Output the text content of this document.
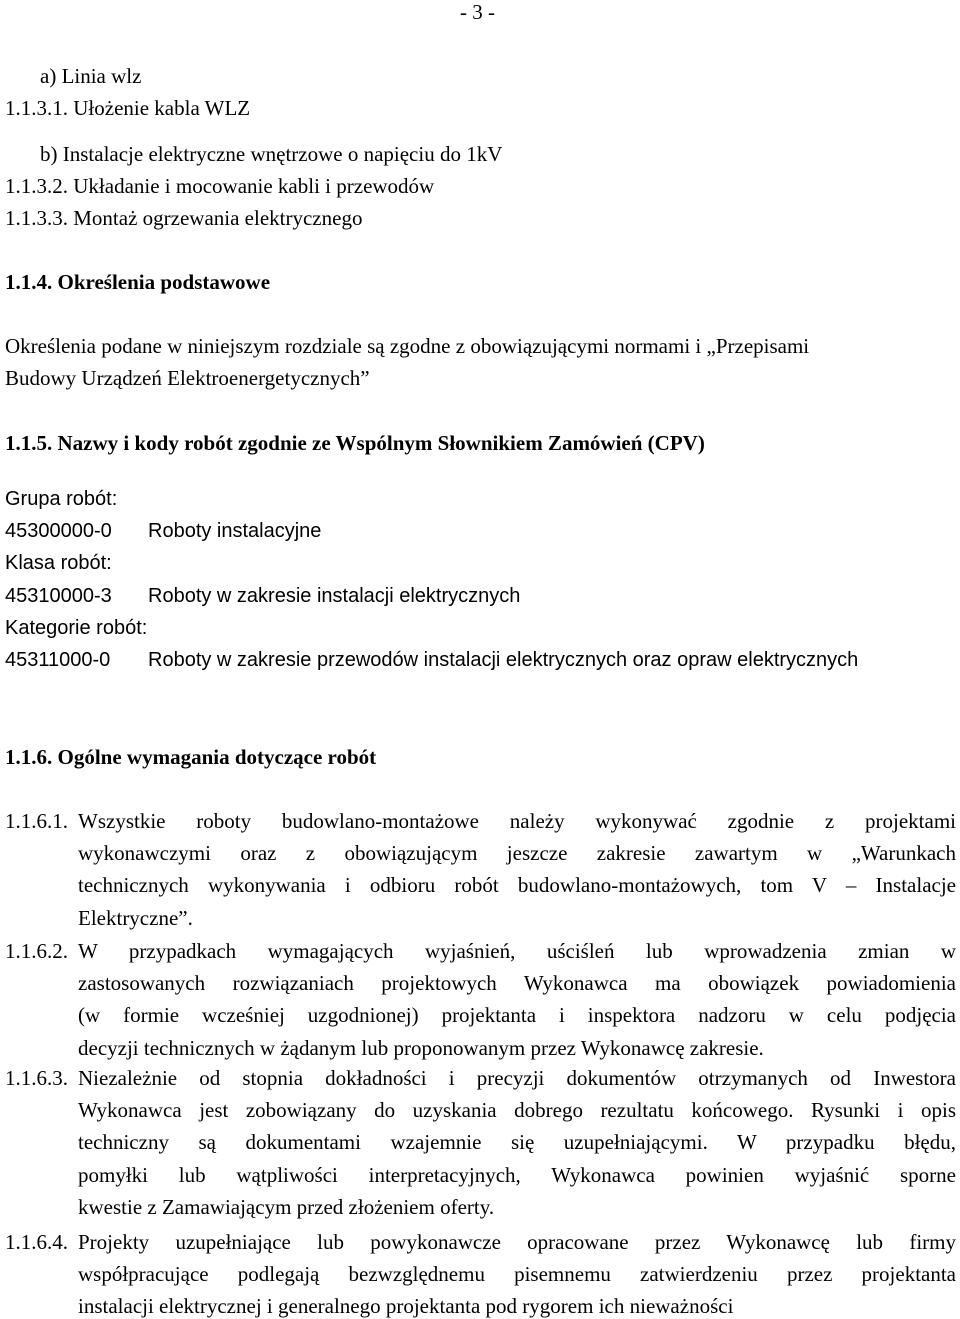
- 3 -
a) Linia wlz
1.1.3.1. Ułożenie kabla WLZ
b) Instalacje elektryczne wnętrzowe o napięciu do 1kV
1.1.3.2. Układanie i mocowanie kabli i przewodów
1.1.3.3. Montaż ogrzewania elektrycznego
1.1.4. Określenia podstawowe
Określenia podane w niniejszym rozdziale są zgodne z obowiązującymi normami i „Przepisami
Budowy Urządzeń Elektroenergetycznych”
1.1.5. Nazwy i kody robót zgodnie ze Wspólnym Słownikiem Zamówień (CPV)
Grupa robót:
45300000-0 Roboty instalacyjne
Klasa robót:
45310000-3 Roboty w zakresie instalacji elektrycznych
Kategorie robót:
45311000-0 Roboty w zakresie przewodów instalacji elektrycznych oraz opraw elektrycznych
1.1.6. Ogólne wymagania dotyczące robót
1.1.6.1. Wszystkie roboty budowlano-montażowe należy wykonywać zgodnie z projektami
wykonawczymi oraz z obowiązującym jeszcze zakresie zawartym w „Warunkach
technicznych wykonywania i odbioru robót budowlano-montażowych, tom V – Instalacje
Elektryczne”.
1.1.6.2. W przypadkach wymagających wyjaśnień, uściśleń lub wprowadzenia zmian w
zastosowanych rozwiązaniach projektowych Wykonawca ma obowiązek powiadomienia
(w formie wcześniej uzgodnionej) projektanta i inspektora nadzoru w celu podjęcia
decyzji technicznych w żądanym lub proponowanym przez Wykonawcę zakresie.
1.1.6.3. Niezależnie od stopnia dokładności i precyzji dokumentów otrzymanych od Inwestora
Wykonawca jest zobowiązany do uzyskania dobrego rezultatu końcowego. Rysunki i opis
techniczny są dokumentami wzajemnie się uzupełniającymi. W przypadku błędu,
pomyłki lub wątpliwości interpretacyjnych, Wykonawca powinien wyjaśnić sporne
kwestie z Zamawiającym przed złożeniem oferty.
1.1.6.4. Projekty uzupełniające lub powykonawcze opracowane przez Wykonawcę lub firmy
współpracujące podlegają bezwzględnemu pisemnemu zatwierdzeniu przez projektanta
instalacji elektrycznej i generalnego projektanta pod rygorem ich nieważności
